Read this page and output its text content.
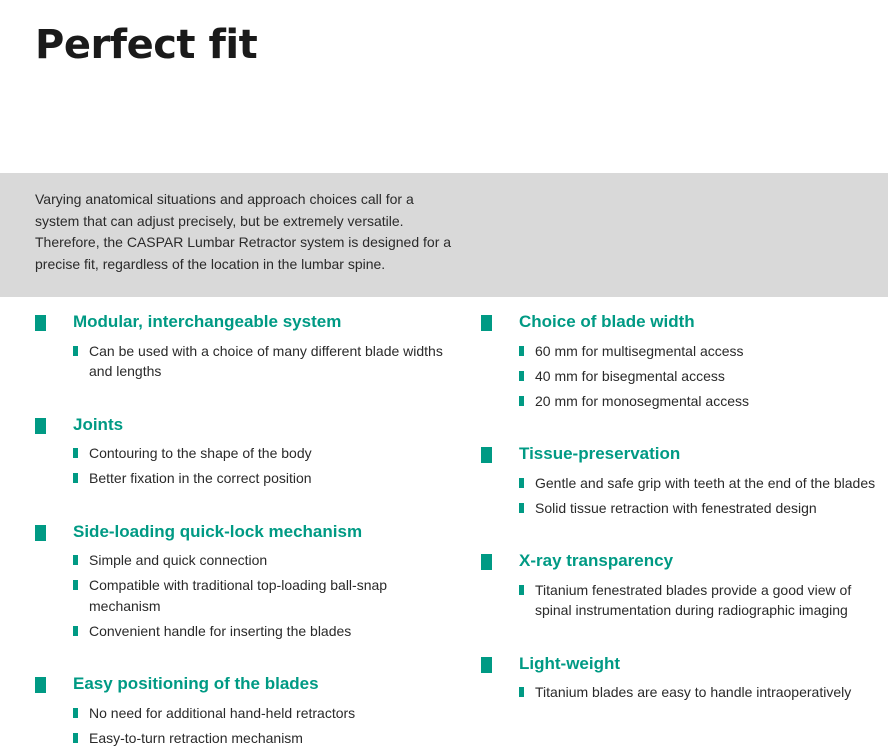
Perfect fit

Varying anatomical situations and approach choices call for a system that can adjust precisely, but be extremely versatile. Therefore, the CASPAR Lumbar Retractor system is designed for a precise fit, regardless of the location in the lumbar spine.

Modular, interchangeable system
Can be used with a choice of many different blade widths and lengths
Joints
Contouring to the shape of the body
Better fixation in the correct position
Side-loading quick-lock mechanism
Simple and quick connection
Compatible with traditional top-loading ball-snap mechanism
Convenient handle for inserting the blades
Easy positioning of the blades
No need for additional hand-held retractors
Easy-to-turn retraction mechanism
Choice of blade width
60 mm for multisegmental access
40 mm for bisegmental access
20 mm for monosegmental access
Tissue-preservation
Gentle and safe grip with teeth at the end of the blades
Solid tissue retraction with fenestrated design
X-ray transparency
Titanium fenestrated blades provide a good view of spinal instrumentation during radiographic imaging
Light-weight
Titanium blades are easy to handle intraoperatively
